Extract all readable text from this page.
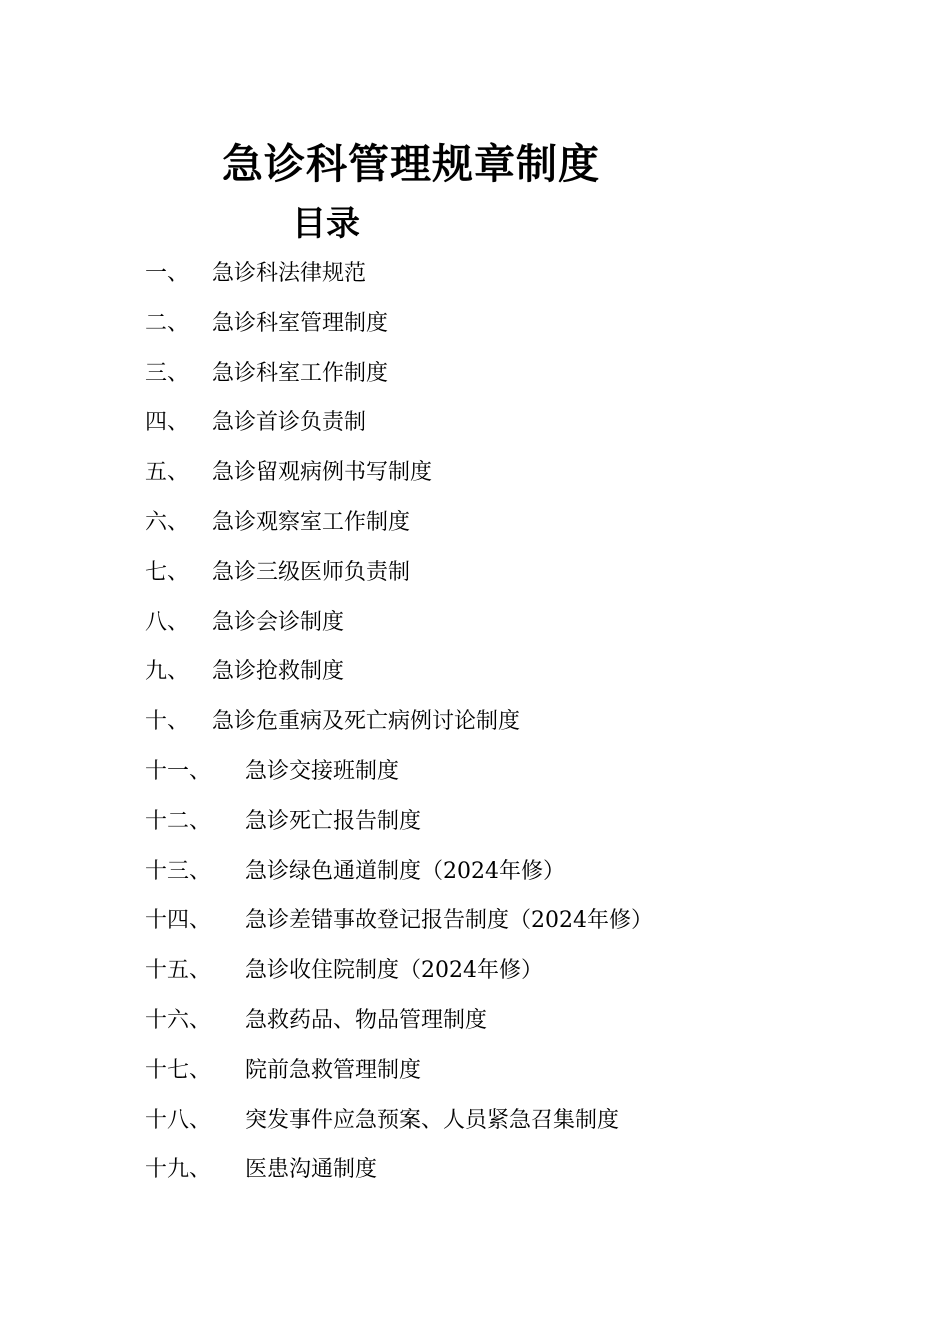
急诊科管理规章制度
目录
一、	急诊科法律规范
二、	急诊科室管理制度
三、	急诊科室工作制度
四、	急诊首诊负责制
五、	急诊留观病例书写制度
六、	急诊观察室工作制度
七、	急诊三级医师负责制
八、	急诊会诊制度
九、	急诊抢救制度
十、	急诊危重病及死亡病例讨论制度
十一、	急诊交接班制度
十二、	急诊死亡报告制度
十三、	急诊绿色通道制度（2024年修）
十四、	急诊差错事故登记报告制度（2024年修）
十五、	急诊收住院制度（2024年修）
十六、	急救药品、物品管理制度
十七、	院前急救管理制度
十八、	突发事件应急预案、人员紧急召集制度
十九、	医患沟通制度
